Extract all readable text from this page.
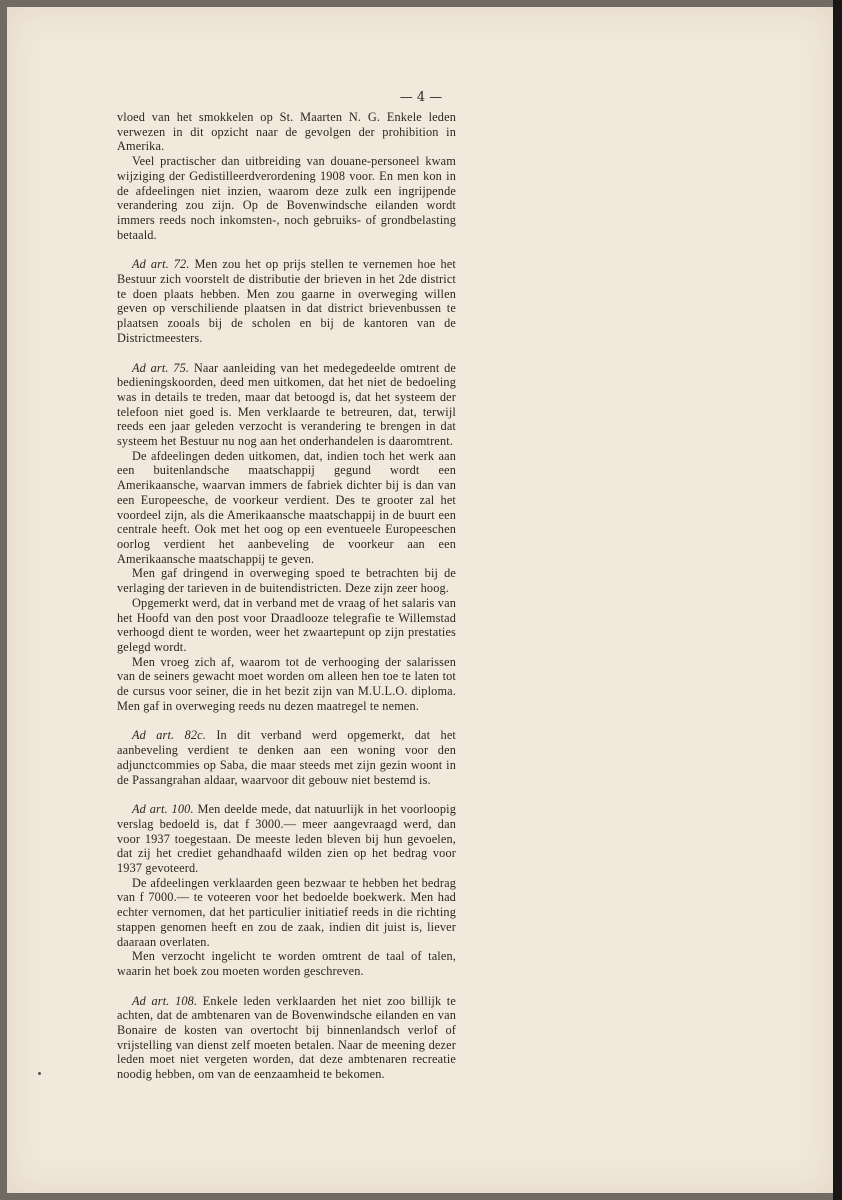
— 4 —

vloed van het smokkelen op St. Maarten N. G. Enkele leden verwezen in dit opzicht naar de gevolgen der prohibition in Amerika.

Veel practischer dan uitbreiding van douane-personeel kwam wijziging der Gedistilleerdverordening 1908 voor. En men kon in de afdeelingen niet inzien, waarom deze zulk een ingrijpende verandering zou zijn. Op de Bovenwindsche eilanden wordt immers reeds noch inkomsten-, noch gebruiks- of grondbelasting betaald.

Ad art. 72. Men zou het op prijs stellen te vernemen hoe het Bestuur zich voorstelt de distributie der brieven in het 2de district te doen plaats hebben. Men zou gaarne in overweging willen geven op verschiliende plaatsen in dat district brievenbussen te plaatsen zooals bij de scholen en bij de kantoren van de Districtmeesters.

Ad art. 75. Naar aanleiding van het medegedeelde omtrent de bedieningskoorden, deed men uitkomen, dat het niet de bedoeling was in details te treden, maar dat betoogd is, dat het systeem der telefoon niet goed is. Men verklaarde te betreuren, dat, terwijl reeds een jaar geleden verzocht is verandering te brengen in dat systeem het Bestuur nu nog aan het onderhandelen is daaromtrent.

De afdeelingen deden uitkomen, dat, indien toch het werk aan een buitenlandsche maatschappij gegund wordt een Amerikaansche, waarvan immers de fabriek dichter bij is dan van een Europeesche, de voorkeur verdient. Des te grooter zal het voordeel zijn, als die Amerikaansche maatschappij in de buurt een centrale heeft. Ook met het oog op een eventueele Europeeschen oorlog verdient het aanbeveling de voorkeur aan een Amerikaansche maatschappij te geven.

Men gaf dringend in overweging spoed te betrachten bij de verlaging der tarieven in de buitendistricten. Deze zijn zeer hoog.

Opgemerkt werd, dat in verband met de vraag of het salaris van het Hoofd van den post voor Draadlooze telegrafie te Willemstad verhoogd dient te worden, weer het zwaartepunt op zijn prestaties gelegd wordt.

Men vroeg zich af, waarom tot de verhooging der salarissen van de seiners gewacht moet worden om alleen hen toe te laten tot de cursus voor seiner, die in het bezit zijn van M.U.L.O. diploma. Men gaf in overweging reeds nu dezen maatregel te nemen.

Ad art. 82c. In dit verband werd opgemerkt, dat het aanbeveling verdient te denken aan een woning voor den adjunctcommies op Saba, die maar steeds met zijn gezin woont in de Passangrahan aldaar, waarvoor dit gebouw niet bestemd is.

Ad art. 100. Men deelde mede, dat natuurlijk in het voorloopig verslag bedoeld is, dat f 3000.— meer aangevraagd werd, dan voor 1937 toegestaan. De meeste leden bleven bij hun gevoelen, dat zij het crediet gehandhaafd wilden zien op het bedrag voor 1937 gevoteerd.

De afdeelingen verklaarden geen bezwaar te hebben het bedrag van f 7000.— te voteeren voor het bedoelde boekwerk. Men had echter vernomen, dat het particulier initiatief reeds in die richting stappen genomen heeft en zou de zaak, indien dit juist is, liever daaraan overlaten.

Men verzocht ingelicht te worden omtrent de taal of talen, waarin het boek zou moeten worden geschreven.

Ad art. 108. Enkele leden verklaarden het niet zoo billijk te achten, dat de ambtenaren van de Bovenwindsche eilanden en van Bonaire de kosten van overtocht bij binnenlandsch verlof of vrijstelling van dienst zelf moeten betalen. Naar de meening dezer leden moet niet vergeten worden, dat deze ambtenaren recreatie noodig hebben, om van de eenzaamheid te bekomen.
